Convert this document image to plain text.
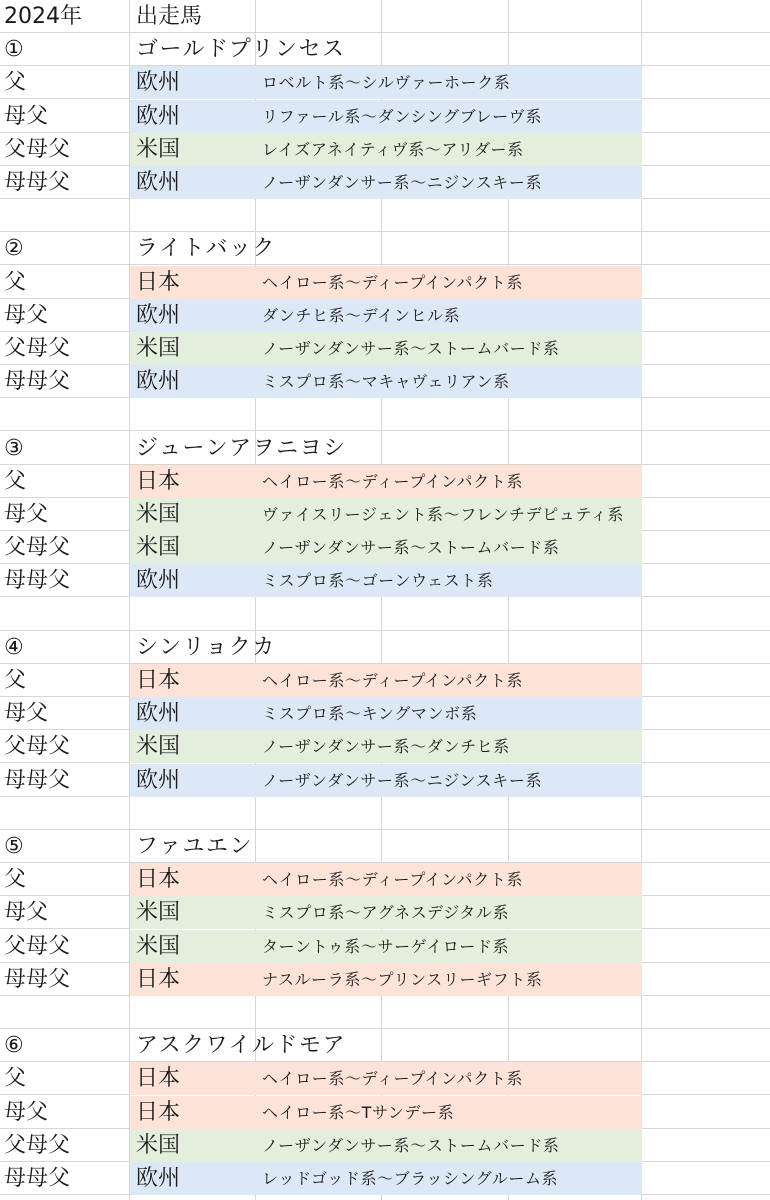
2024年 出走馬
①	ゴールドプリンセス
父	欧州	ロベルト系～シルヴァーホーク系
母父	欧州	リファール系～ダンシングブレーヴ系
父母父	米国	レイズアネイティヴ系～アリダー系
母母父	欧州	ノーザンダンサー系～ニジンスキー系
②	ライトバック
父	日本	ヘイロー系～ディープインパクト系
母父	欧州	ダンチヒ系～デインヒル系
父母父	米国	ノーザンダンサー系～ストームバード系
母母父	欧州	ミスプロ系～マキャヴェリアン系
③	ジューンアヲニヨシ
父	日本	ヘイロー系～ディープインパクト系
母父	米国	ヴァイスリージェント系～フレンチデピュティ系
父母父	米国	ノーザンダンサー系～ストームバード系
母母父	欧州	ミスプロ系～ゴーンウェスト系
④	シンリョクカ
父	日本	ヘイロー系～ディープインパクト系
母父	欧州	ミスプロ系～キングマンボ系
父母父	米国	ノーザンダンサー系～ダンチヒ系
母母父	欧州	ノーザンダンサー系～ニジンスキー系
⑤	ファユエン
父	日本	ヘイロー系～ディープインパクト系
母父	米国	ミスプロ系～アグネスデジタル系
父母父	米国	ターントゥ系～サーゲイロード系
母母父	日本	ナスルーラ系～プリンスリーギフト系
⑥	アスクワイルドモア
父	日本	ヘイロー系～ディープインパクト系
母父	日本	ヘイロー系～Tサンデー系
父母父	米国	ノーザンダンサー系～ストームバード系
母母父	欧州	レッドゴッド系～ブラッシングルーム系
